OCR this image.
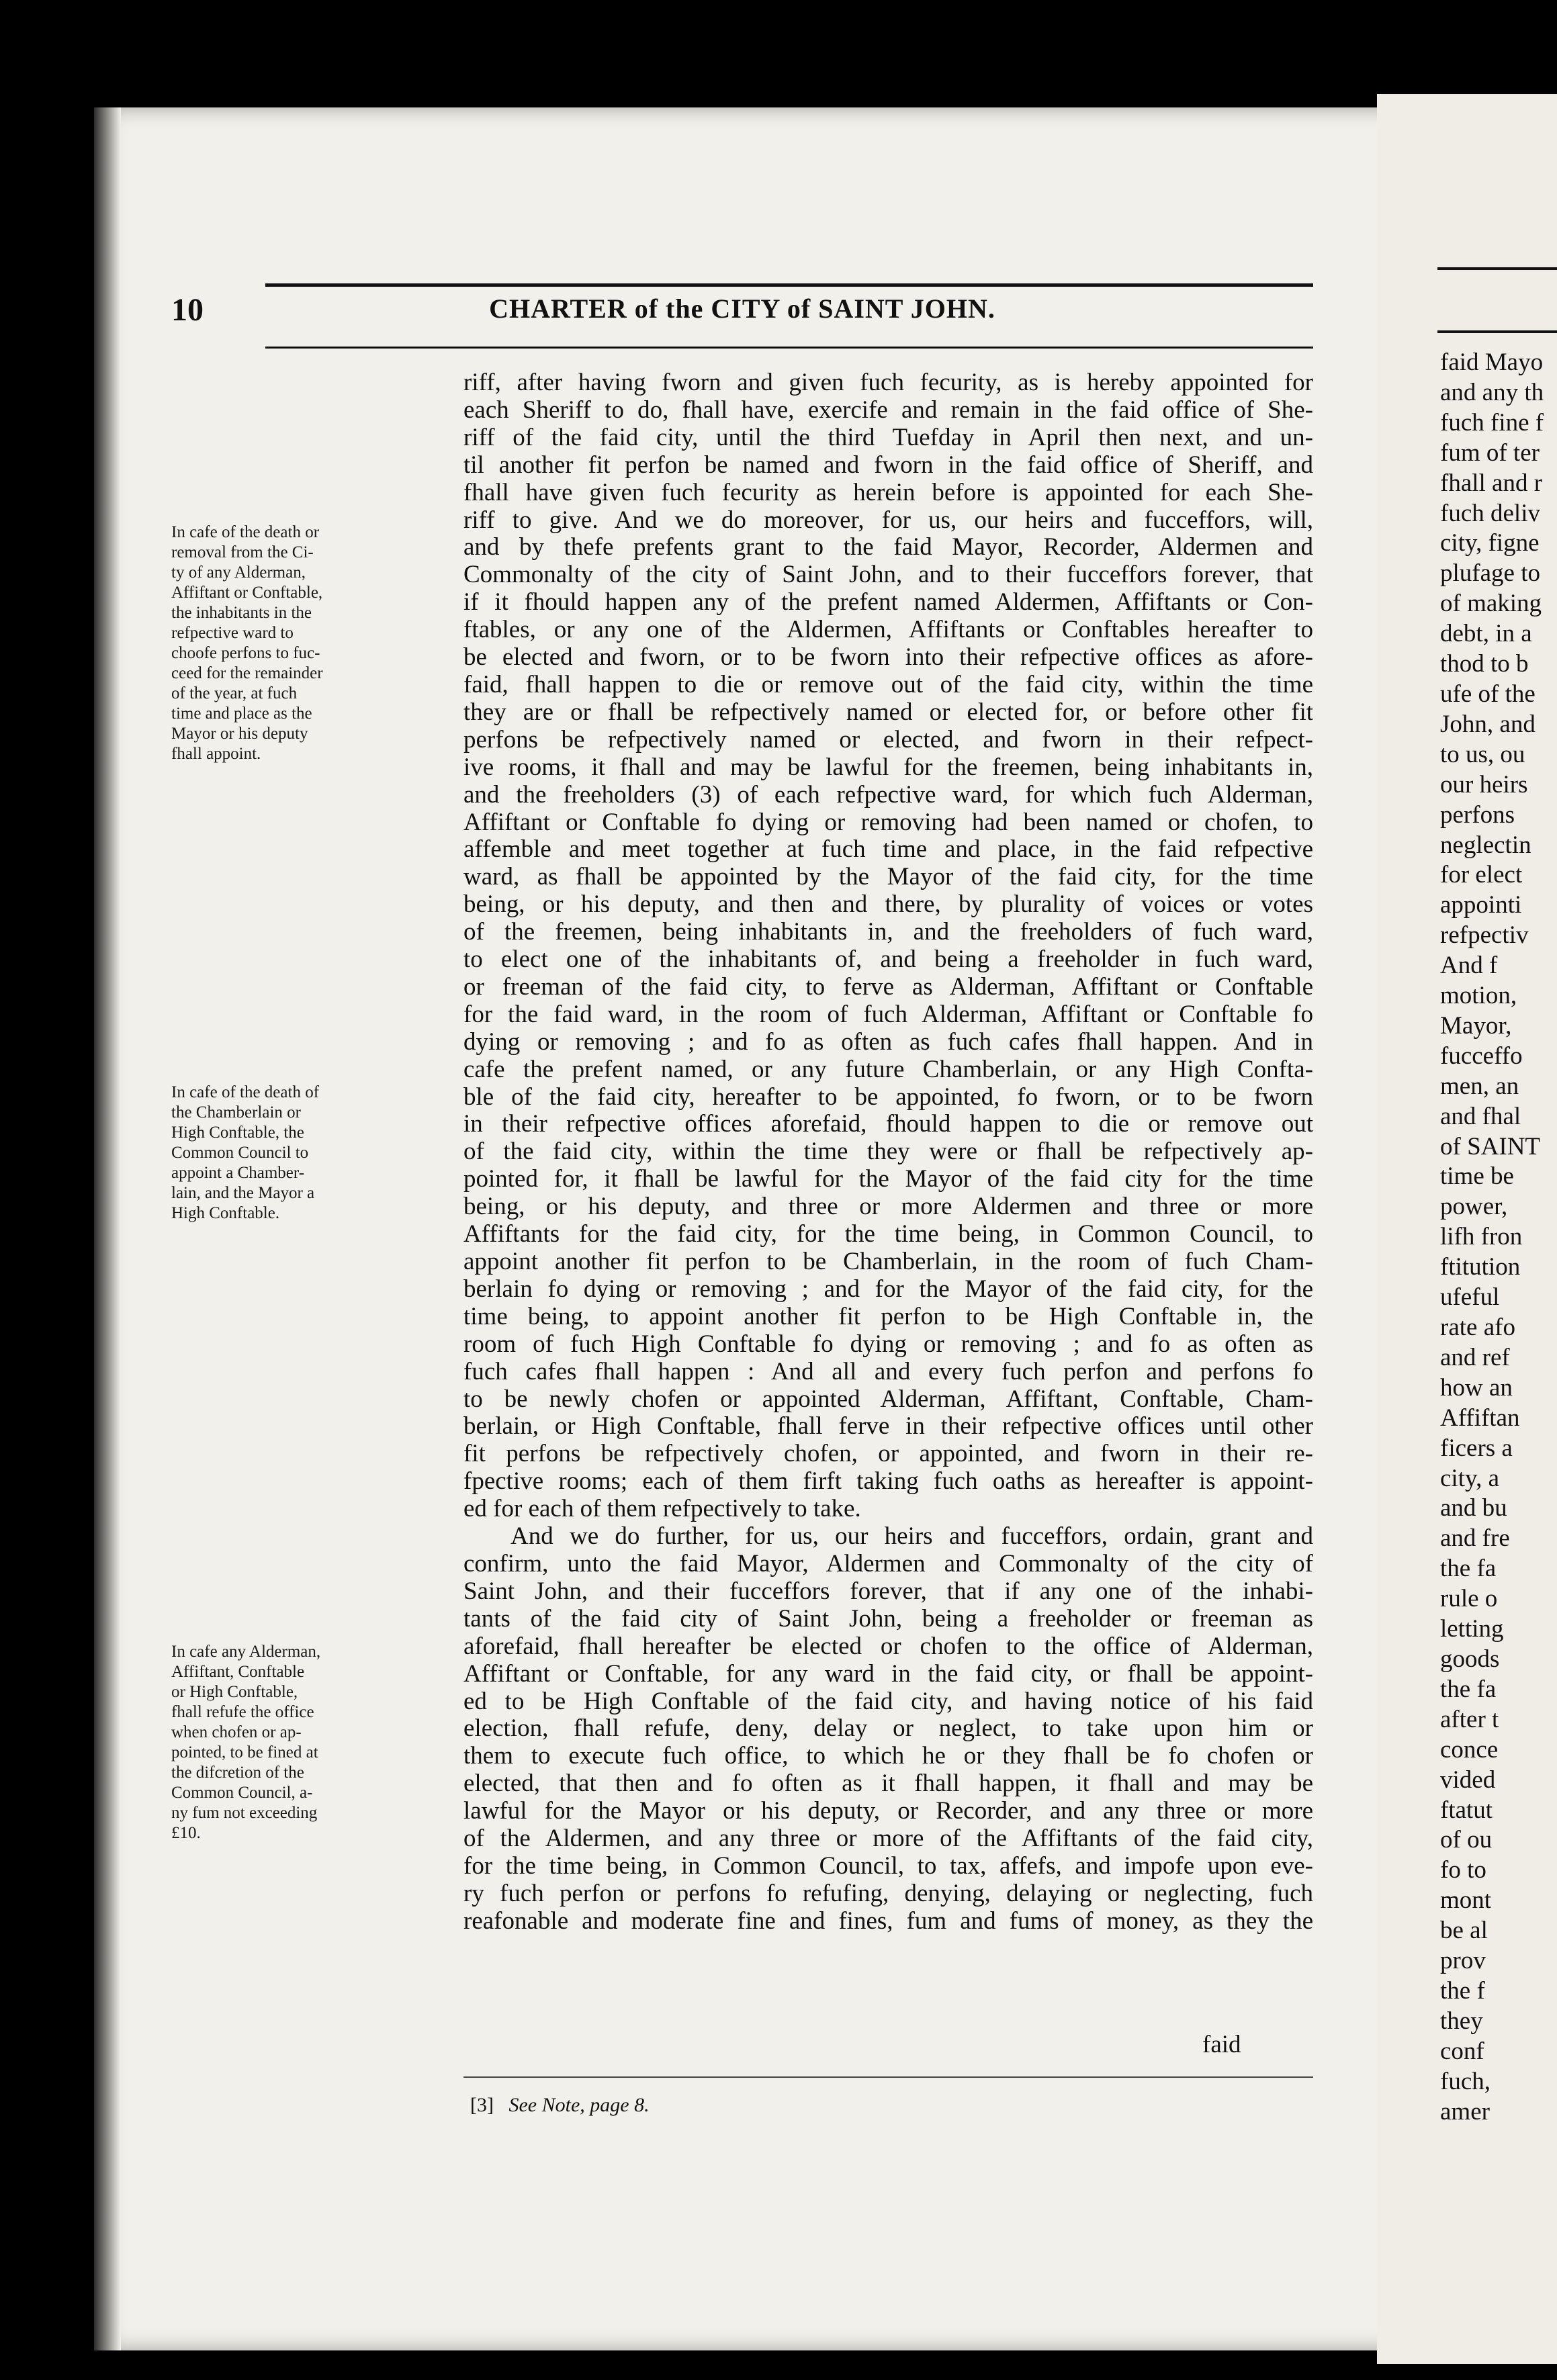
faid Mayo
and any th
fuch fine f
fum of ter
fhall and r
fuch deliv
city, figne
plufage to
of making
debt, in a
thod to b
ufe of the
John, and
to us, ou
our heirs
perfons
neglectin
for elect
appointi
refpectiv
And f
motion,
Mayor,
fucceffo
men, an
and fhal
of SAINT
time be
power,
lifh fron
ftitution
ufeful
rate afo
and ref
how an
Affiftan
ficers a
city, a
and bu
and fre
the fa
rule o
letting
goods
the fa
after t
conce
vided
ftatut
of ou
fo to
mont
be al
prov
the f
they
conf
fuch,
amer
10	CHARTER of the CITY of SAINT JOHN.
In cafe of the death or
removal from the Ci-
ty of any Alderman,
Affiftant or Conftable,
the inhabitants in the
refpective ward to
choofe perfons to fuc-
ceed for the remainder
of the year, at fuch
time and place as the
Mayor or his deputy
fhall appoint.
In cafe of the death of
the Chamberlain or
High Conftable, the
Common Council to
appoint a Chamber-
lain, and the Mayor a
High Conftable.
In cafe any Alderman,
Affiftant, Conftable
or High Conftable,
fhall refufe the office
when chofen or ap-
pointed, to be fined at
the difcretion of the
Common Council, a-
ny fum not exceeding
£10.
riff, after having fworn and given fuch fecurity, as is hereby appointed for
each Sheriff to do, fhall have, exercife and remain in the faid office of She-
riff of the faid city, until the third Tuefday in April then next, and un-
til another fit perfon be named and fworn in the faid office of Sheriff, and
fhall have given fuch fecurity as herein before is appointed for each She-
riff to give. And we do moreover, for us, our heirs and fucceffors, will,
and by thefe prefents grant to the faid Mayor, Recorder, Aldermen and
Commonalty of the city of Saint John, and to their fucceffors forever, that
if it fhould happen any of the prefent named Aldermen, Affiftants or Con-
ftables, or any one of the Aldermen, Affiftants or Conftables hereafter to
be elected and fworn, or to be fworn into their refpective offices as afore-
faid, fhall happen to die or remove out of the faid city, within the time
they are or fhall be refpectively named or elected for, or before other fit
perfons be refpectively named or elected, and fworn in their refpect-
ive rooms, it fhall and may be lawful for the freemen, being inhabitants in,
and the freeholders (3) of each refpective ward, for which fuch Alderman,
Affiftant or Conftable fo dying or removing had been named or chofen, to
affemble and meet together at fuch time and place, in the faid refpective
ward, as fhall be appointed by the Mayor of the faid city, for the time
being, or his deputy, and then and there, by plurality of voices or votes
of the freemen, being inhabitants in, and the freeholders of fuch ward,
to elect one of the inhabitants of, and being a freeholder in fuch ward,
or freeman of the faid city, to ferve as Alderman, Affiftant or Conftable
for the faid ward, in the room of fuch Alderman, Affiftant or Conftable fo
dying or removing ; and fo as often as fuch cafes fhall happen. And in
cafe the prefent named, or any future Chamberlain, or any High Confta-
ble of the faid city, hereafter to be appointed, fo fworn, or to be fworn
in their refpective offices aforefaid, fhould happen to die or remove out
of the faid city, within the time they were or fhall be refpectively ap-
pointed for, it fhall be lawful for the Mayor of the faid city for the time
being, or his deputy, and three or more Aldermen and three or more
Affiftants for the faid city, for the time being, in Common Council, to
appoint another fit perfon to be Chamberlain, in the room of fuch Cham-
berlain fo dying or removing ; and for the Mayor of the faid city, for the
time being, to appoint another fit perfon to be High Conftable in, the
room of fuch High Conftable fo dying or removing ; and fo as often as
fuch cafes fhall happen : And all and every fuch perfon and perfons fo
to be newly chofen or appointed Alderman, Affiftant, Conftable, Cham-
berlain, or High Conftable, fhall ferve in their refpective offices until other
fit perfons be refpectively chofen, or appointed, and fworn in their re-
fpective rooms; each of them firft taking fuch oaths as hereafter is appoint-
ed for each of them refpectively to take.
And we do further, for us, our heirs and fucceffors, ordain, grant and
confirm, unto the faid Mayor, Aldermen and Commonalty of the city of
Saint John, and their fucceffors forever, that if any one of the inhabi-
tants of the faid city of Saint John, being a freeholder or freeman as
aforefaid, fhall hereafter be elected or chofen to the office of Alderman,
Affiftant or Conftable, for any ward in the faid city, or fhall be appoint-
ed to be High Conftable of the faid city, and having notice of his faid
election, fhall refufe, deny, delay or neglect, to take upon him or
them to execute fuch office, to which he or they fhall be fo chofen or
elected, that then and fo often as it fhall happen, it fhall and may be
lawful for the Mayor or his deputy, or Recorder, and any three or more
of the Aldermen, and any three or more of the Affiftants of the faid city,
for the time being, in Common Council, to tax, affefs, and impofe upon eve-
ry fuch perfon or perfons fo refufing, denying, delaying or neglecting, fuch
reafonable and moderate fine and fines, fum and fums of money, as they the
faid
[3] See Note, page 8.
